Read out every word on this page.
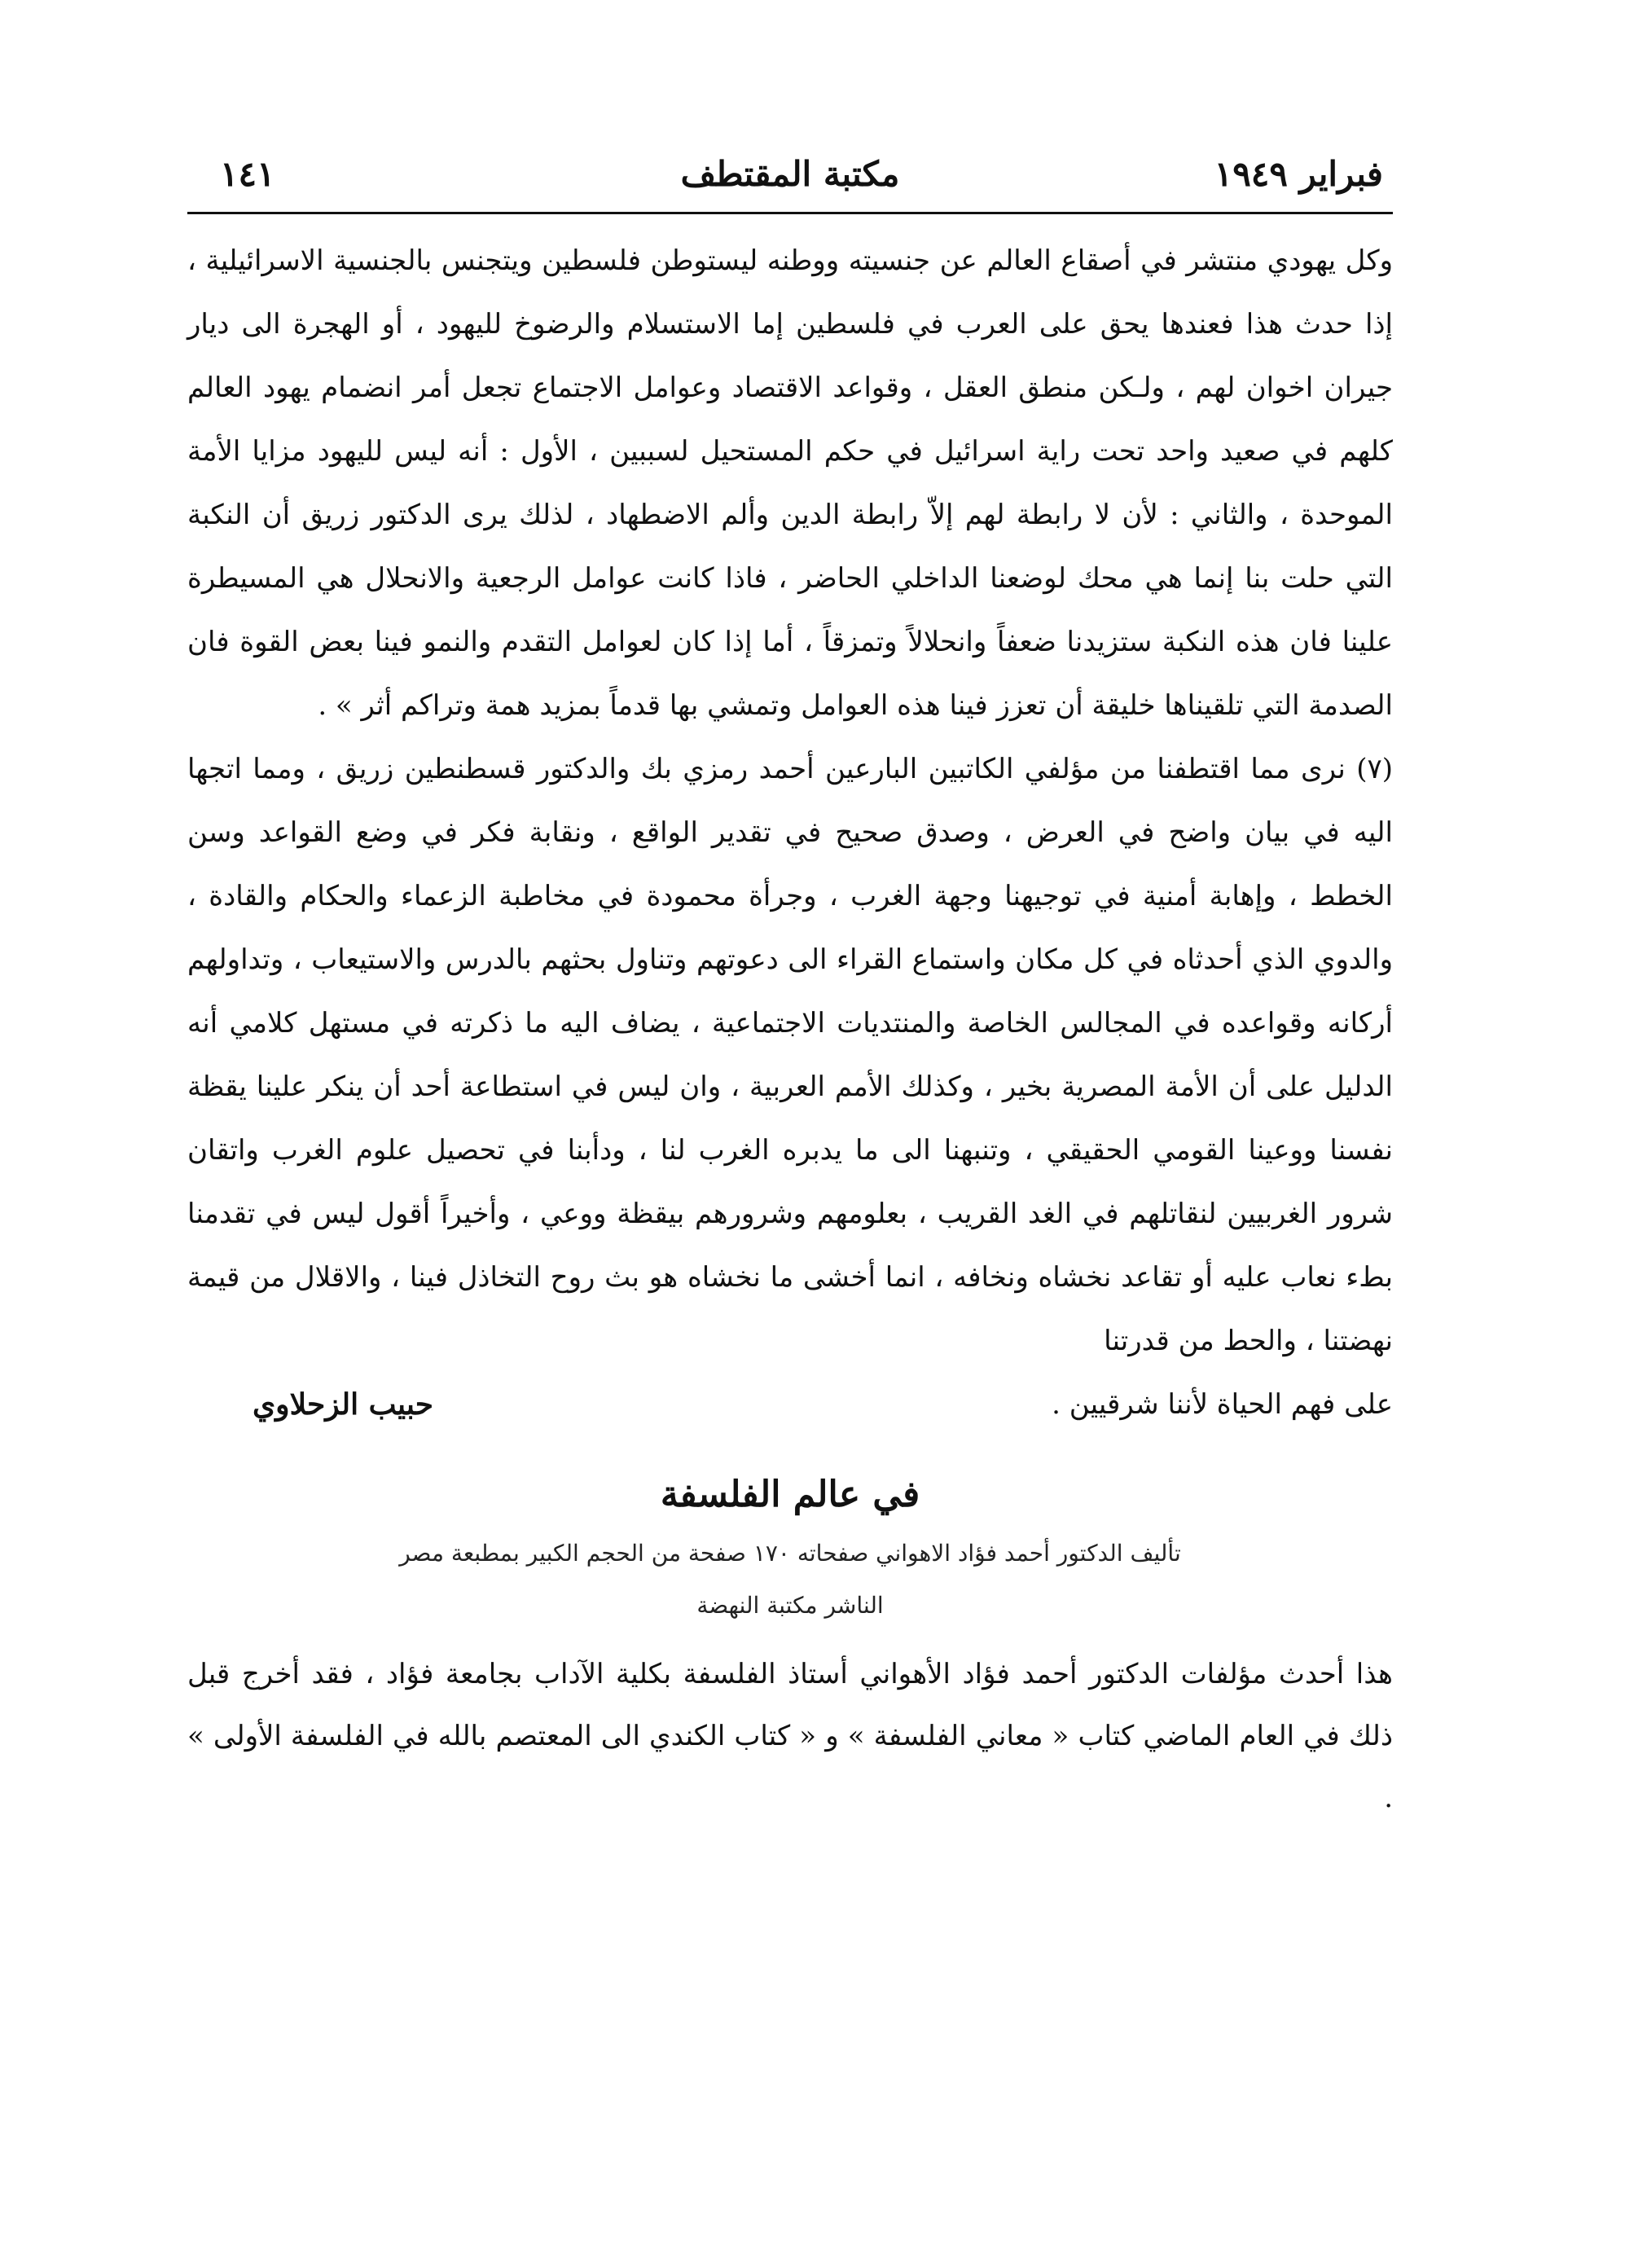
فبراير ١٩٤٩
مكتبة المقتطف
١٤١

وكل يهودي منتشر في أصقاع العالم عن جنسيته ووطنه ليستوطن فلسطين ويتجنس بالجنسية الاسرائيلية ، إذا حدث هذا فعندها يحق على العرب في فلسطين إما الاستسلام والرضوخ لليهود ، أو الهجرة الى ديار جيران اخوان لهم ، ولـكن منطق العقل ، وقواعد الاقتصاد وعوامل الاجتماع تجعل أمر انضمام يهود العالم كلهم في صعيد واحد تحت راية اسرائيل في حكم المستحيل لسببين ، الأول : أنه ليس لليهود مزايا الأمة الموحدة ، والثاني : لأن لا رابطة لهم إلاّ رابطة الدين وألم الاضطهاد ، لذلك يرى الدكتور زريق أن النكبة التي حلت بنا إنما هي محك لوضعنا الداخلي الحاضر ، فاذا كانت عوامل الرجعية والانحلال هي المسيطرة علينا فان هذه النكبة ستزيدنا ضعفاً وانحلالاً وتمزقاً ، أما إذا كان لعوامل التقدم والنمو فينا بعض القوة فان الصدمة التي تلقيناها خليقة أن تعزز فينا هذه العوامل وتمشي بها قدماً بمزيد همة وتراكم أثر » .

(٧) نرى مما اقتطفنا من مؤلفي الكاتبين البارعين أحمد رمزي بك والدكتور قسطنطين زريق ، ومما اتجها اليه في بيان واضح في العرض ، وصدق صحيح في تقدير الواقع ، ونقابة فكر في وضع القواعد وسن الخطط ، وإهابة أمنية في توجيهنا وجهة الغرب ، وجرأة محمودة في مخاطبة الزعماء والحكام والقادة ، والدوي الذي أحدثاه في كل مكان واستماع القراء الى دعوتهم وتناول بحثهم بالدرس والاستيعاب ، وتداولهم أركانه وقواعده في المجالس الخاصة والمنتديات الاجتماعية ، يضاف اليه ما ذكرته في مستهل كلامي أنه الدليل على أن الأمة المصرية بخير ، وكذلك الأمم العربية ، وان ليس في استطاعة أحد أن ينكر علينا يقظة نفسنا ووعينا القومي الحقيقي ، وتنبهنا الى ما يدبره الغرب لنا ، ودأبنا في تحصيل علوم الغرب واتقان شرور الغربيين لنقاتلهم في الغد القريب ، بعلومهم وشرورهم بيقظة ووعي ، وأخيراً أقول ليس في تقدمنا بطء نعاب عليه أو تقاعد نخشاه ونخافه ، انما أخشى ما نخشاه هو بث روح التخاذل فينا ، والاقلال من قيمة نهضتنا ، والحط من قدرتنا

على فهم الحياة لأننا شرقيين .
حبيب الزحلاوي
في عالم الفلسفة
تأليف الدكتور أحمد فؤاد الاهواني صفحاته ١٧٠ صفحة من الحجم الكبير بمطبعة مصر
الناشر مكتبة النهضة

هذا أحدث مؤلفات الدكتور أحمد فؤاد الأهواني أستاذ الفلسفة بكلية الآداب بجامعة فؤاد ، فقد أخرج قبل ذلك في العام الماضي كتاب « معاني الفلسفة » و « كتاب الكندي الى المعتصم بالله في الفلسفة الأولى » .
